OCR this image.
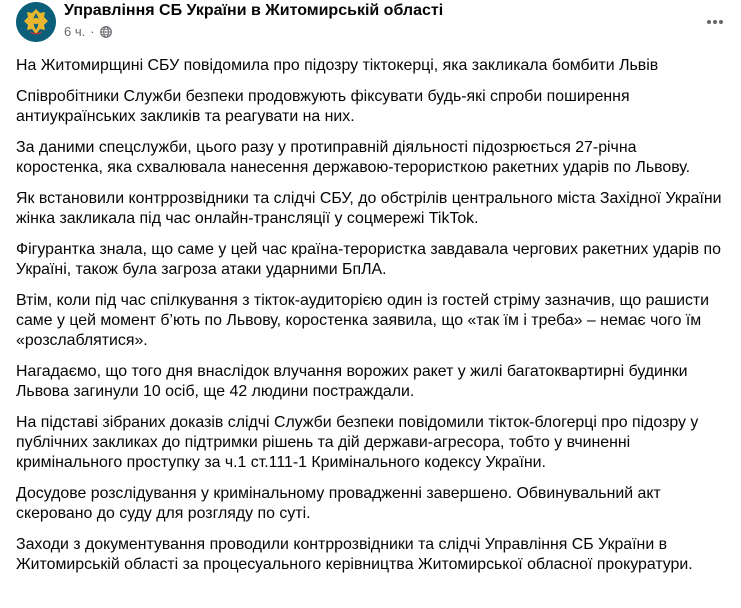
Управління СБ України в Житомирській області
6 ч. ·

На Житомирщині СБУ повідомила про підозру тіктокерці, яка закликала бомбити Львів

Співробітники Служби безпеки продовжують фіксувати будь-які спроби поширення антиукраїнських закликів та реагувати на них.

За даними спецслужби, цього разу у протиправній діяльності підозрюється 27-річна коростенка, яка схвалювала нанесення державою-терористкою ракетних ударів по Львову.

Як встановили контррозвідники та слідчі СБУ, до обстрілів центрального міста Західної України жінка закликала під час онлайн-трансляції у соцмережі TikTok.

Фігурантка знала, що саме у цей час країна-терористка завдавала чергових ракетних ударів по Україні, також була загроза атаки ударними БпЛА.

Втім, коли під час спілкування з тікток-аудиторією один із гостей стріму зазначив, що рашисти саме у цей момент б’ють по Львову, коростенка заявила, що «так їм і треба» – немає чого їм «розслаблятися».

Нагадаємо, що того дня внаслідок влучання ворожих ракет у жилі багатоквартирні будинки Львова загинули 10 осіб, ще 42 людини постраждали.

На підставі зібраних доказів слідчі Служби безпеки повідомили тікток-блогерці про підозру у публічних закликах до підтримки рішень та дій держави-агресора, тобто у вчиненні кримінального проступку за ч.1 ст.111-1 Кримінального кодексу України.

Досудове розслідування у кримінальному провадженні завершено. Обвинувальний акт скеровано до суду для розгляду по суті.

Заходи з документування проводили контррозвідники та слідчі Управління СБ України в Житомирській області за процесуального керівництва Житомирської обласної прокуратури.
